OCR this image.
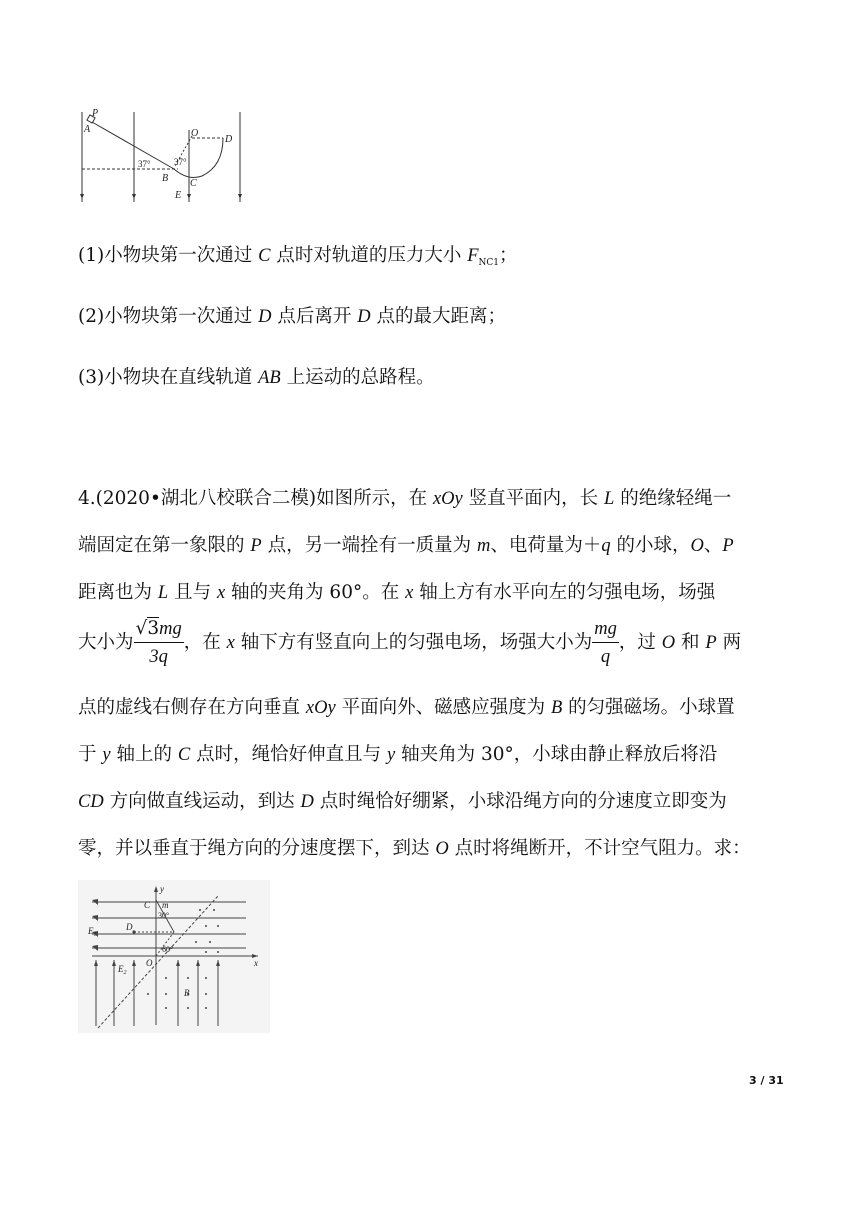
P
A	O
D
B C
E
37°	37°
(1)小物块第一次通过 C 点时对轨道的压力大小 $F_{NC1}$；
(2)小物块第一次通过 D 点后离开 D 点的最大距离；
(3)小物块在直线轨道 AB 上运动的总路程。
4.(2020•湖北八校联合二模)如图所示，在 xOy 竖直平面内，长 L 的绝缘轻绳一
端固定在第一象限的 P 点，另一端拴有一质量为 m、电荷量为＋q 的小球，O、P
距离也为 L 且与 x 轴的夹角为 60°。在 x 轴上方有水平向左的匀强电场，场强
大小为 $\frac{√3mg}{3q}$ ，在 x 轴下方有竖直向上的匀强电场，场强大小为 $\frac{mg}{q}$ ，过 O 和 P 两
点的虚线右侧存在方向垂直 xOy 平面向外、磁感应强度为 B 的匀强磁场。小球置
于 y 轴上的 C 点时，绳恰好伸直且与 y 轴夹角为 30°，小球由静止释放后将沿
CD 方向做直线运动，到达 D 点时绳恰好绷紧，小球沿绳方向的分速度立即变为
零，并以垂直于绳方向的分速度摆下，到达 O 点时将绳断开，不计空气阻力。求：
C m
y
D
$E_1$
O	x
$E_2$
B
30°
60°
3 / 31
